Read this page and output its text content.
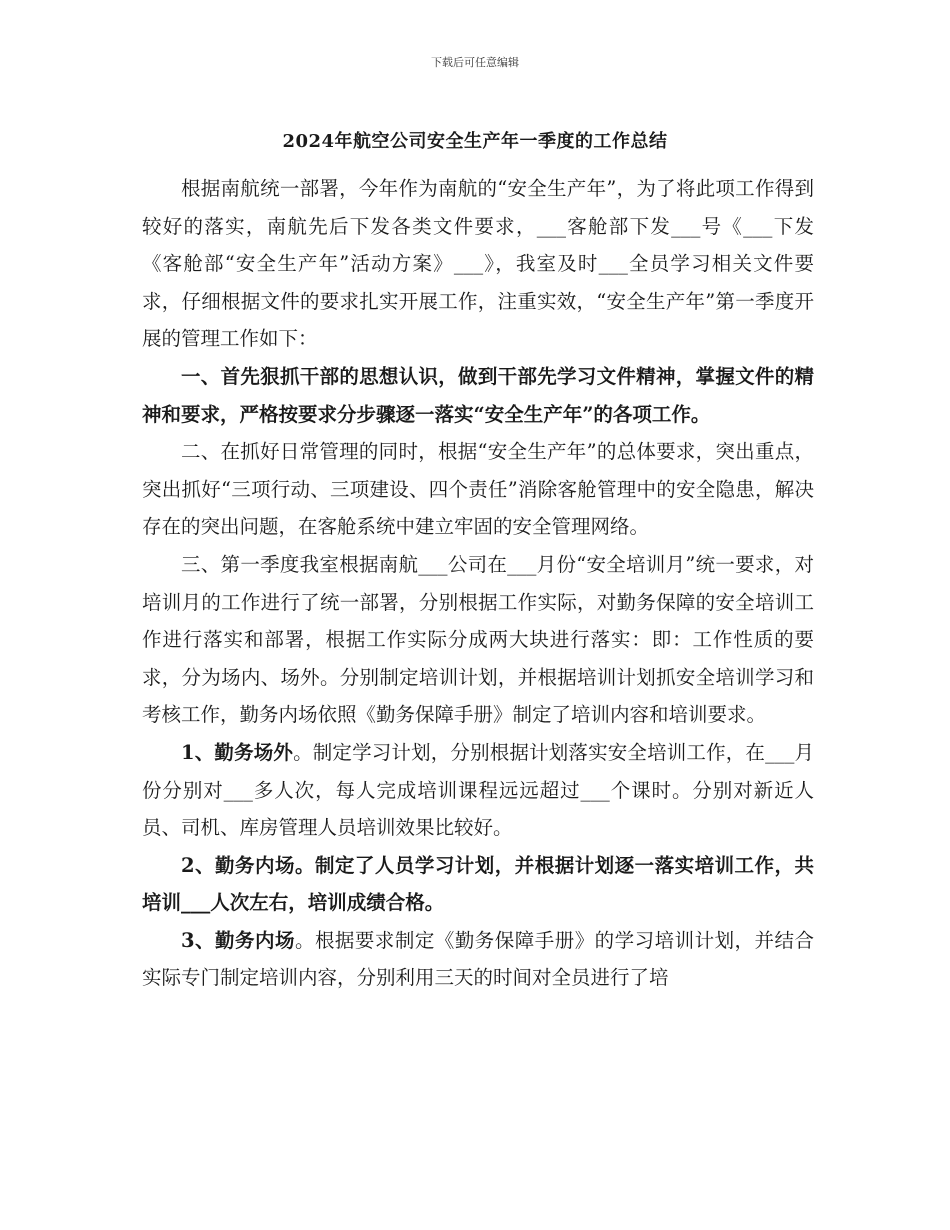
下载后可任意编辑
2024年航空公司安全生产年一季度的工作总结

根据南航统一部署，今年作为南航的“安全生产年”，为了将此项工作得到较好的落实，南航先后下发各类文件要求，___客舱部下发___号《___下发《客舱部“安全生产年”活动方案》___》，我室及时___全员学习相关文件要求，仔细根据文件的要求扎实开展工作，注重实效，“安全生产年”第一季度开展的管理工作如下：

一、首先狠抓干部的思想认识，做到干部先学习文件精神，掌握文件的精神和要求，严格按要求分步骤逐一落实“安全生产年”的各项工作。

二、在抓好日常管理的同时，根据“安全生产年”的总体要求，突出重点，突出抓好“三项行动、三项建设、四个责任”消除客舱管理中的安全隐患，解决存在的突出问题，在客舱系统中建立牢固的安全管理网络。

三、第一季度我室根据南航___公司在___月份“安全培训月”统一要求，对培训月的工作进行了统一部署，分别根据工作实际，对勤务保障的安全培训工作进行落实和部署，根据工作实际分成两大块进行落实：即：工作性质的要求，分为场内、场外。分别制定培训计划，并根据培训计划抓安全培训学习和考核工作，勤务内场依照《勤务保障手册》制定了培训内容和培训要求。

1、勤务场外。制定学习计划，分别根据计划落实安全培训工作，在___月份分别对___多人次，每人完成培训课程远远超过___个课时。分别对新近人员、司机、库房管理人员培训效果比较好。

2、勤务内场。制定了人员学习计划，并根据计划逐一落实培训工作，共培训___人次左右，培训成绩合格。

3、勤务内场。根据要求制定《勤务保障手册》的学习培训计划，并结合实际专门制定培训内容，分别利用三天的时间对全员进行了培
